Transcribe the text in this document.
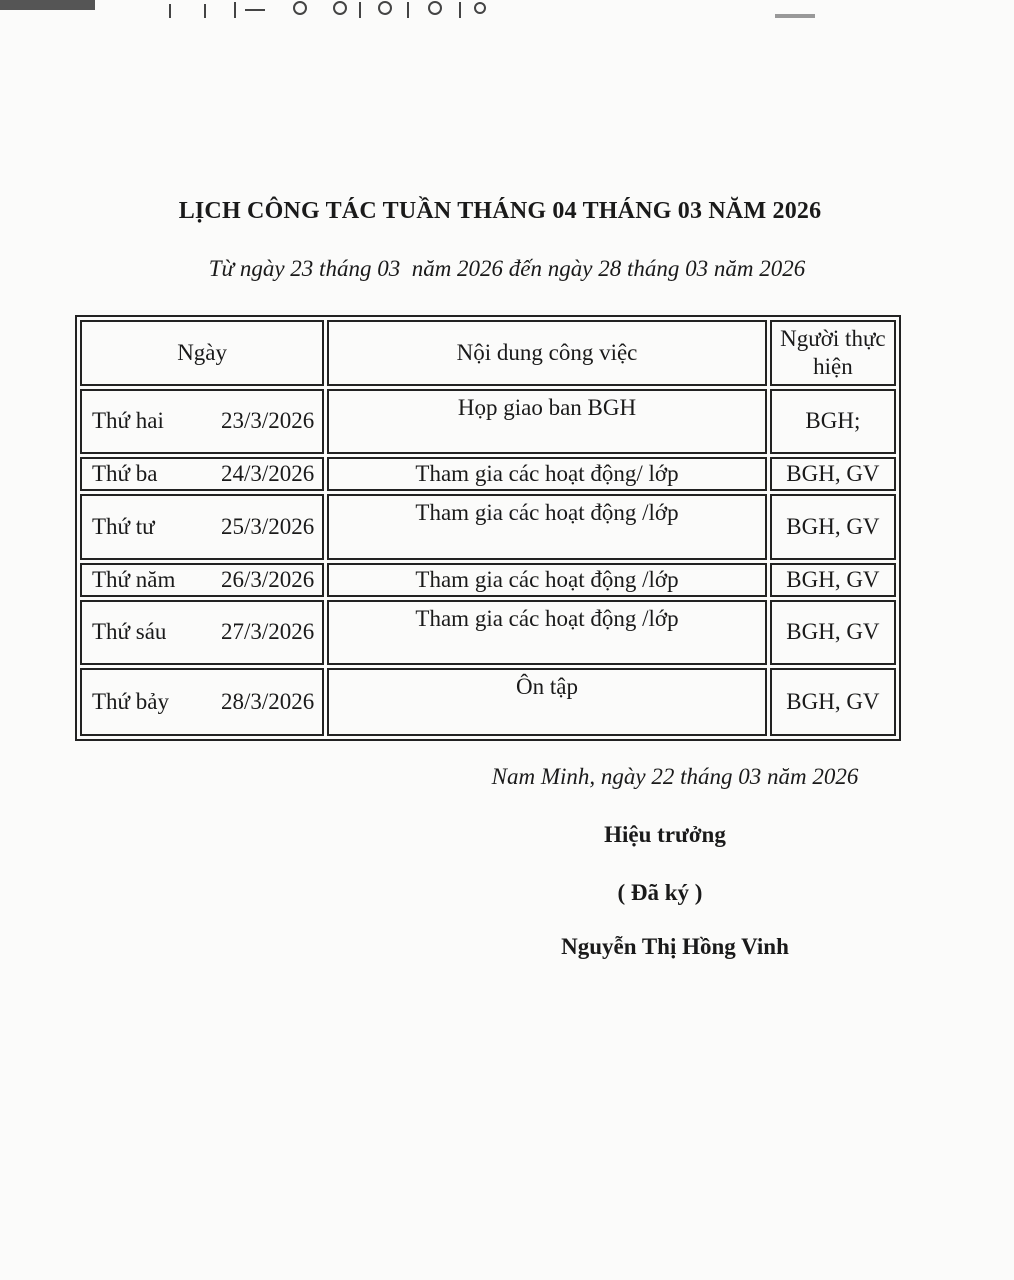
LỊCH CÔNG TÁC TUẦN THÁNG 04 THÁNG 03 NĂM 2026
Từ ngày 23 tháng 03  năm 2026 đến ngày 28 tháng 03 năm 2026
Ngày	Nội dung công việc	Người thực hiện

Thứ hai 23/3/2026	Họp giao ban BGH	BGH;

Thứ ba 24/3/2026	Tham gia các hoạt động/ lớp	BGH, GV

Thứ tư 25/3/2026	Tham gia các hoạt động /lớp	BGH, GV

Thứ năm 26/3/2026	Tham gia các hoạt động /lớp	BGH, GV

Thứ sáu 27/3/2026	Tham gia các hoạt động /lớp	BGH, GV

Thứ bảy 28/3/2026	Ôn tập	BGH, GV
Nam Minh, ngày 22 tháng 03 năm 2026
Hiệu trưởng
( Đã ký )
Nguyễn Thị Hồng Vinh
